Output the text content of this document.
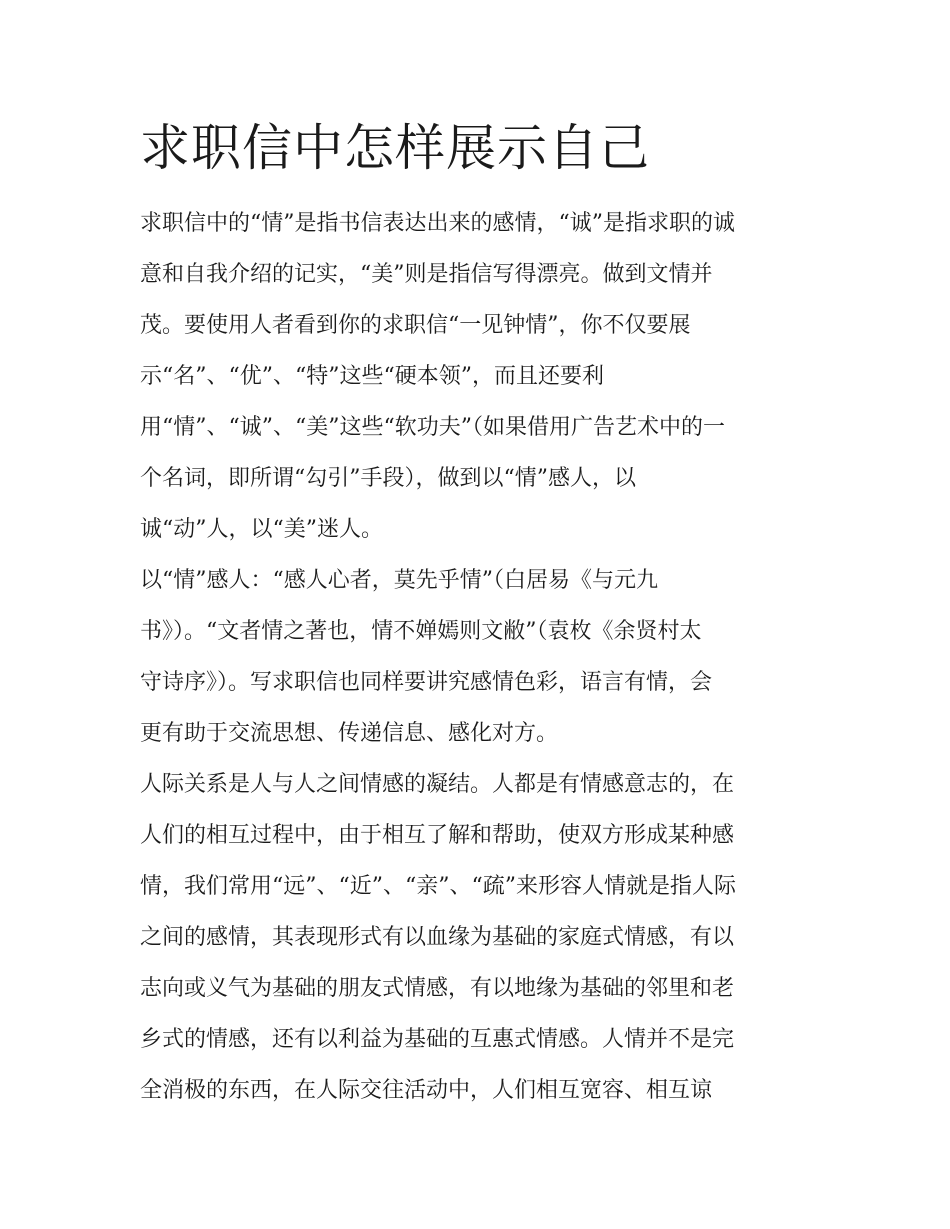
求职信中怎样展示自己
求职信中的“情”是指书信表达出来的感情，“诚”是指求职的诚
意和自我介绍的记实，“美”则是指信写得漂亮。做到文情并
茂。要使用人者看到你的求职信“一见钟情”，你不仅要展
示“名”、“优”、“特”这些“硬本领”，而且还要利
用“情”、“诚”、“美”这些“软功夫”（如果借用广告艺术中的一
个名词，即所谓“勾引”手段），做到以“情”感人，以
诚“动”人，以“美”迷人。
以“情”感人：“感人心者，莫先乎情”（白居易《与元九
书》）。“文者情之著也，情不婵嫣则文敝”（袁枚《余贤村太
守诗序》）。写求职信也同样要讲究感情色彩，语言有情，会
更有助于交流思想、传递信息、感化对方。
人际关系是人与人之间情感的凝结。人都是有情感意志的，在
人们的相互过程中，由于相互了解和帮助，使双方形成某种感
情，我们常用“远”、“近”、“亲”、“疏”来形容人情就是指人际
之间的感情，其表现形式有以血缘为基础的家庭式情感，有以
志向或义气为基础的朋友式情感，有以地缘为基础的邻里和老
乡式的情感，还有以利益为基础的互惠式情感。人情并不是完
全消极的东西，在人际交往活动中，人们相互宽容、相互谅
